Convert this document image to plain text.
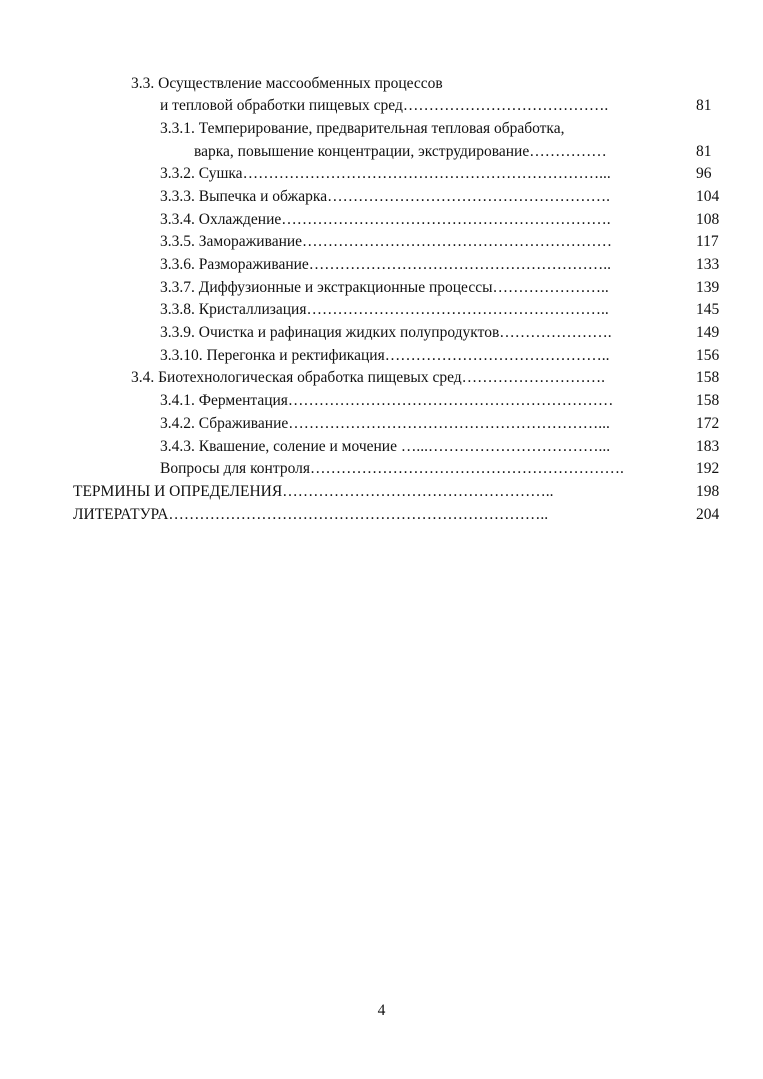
3.3. Осуществление массообменных процессов
и тепловой обработки пищевых сред………………………………….	81
3.3.1. Темперирование, предварительная тепловая обработка,
варка, повышение концентрации, экструдирование……………	81
3.3.2. Сушка……………………………………………………………...	96
3.3.3. Выпечка и обжарка……………………………………………….	104
3.3.4. Охлаждение……………………………………………………….	108
3.3.5. Замораживание……………………………………………………	117
3.3.6. Размораживание…………………………………………………..	133
3.3.7. Диффузионные и экстракционные процессы…………………..	139
3.3.8. Кристаллизация…………………………………………………..	145
3.3.9. Очистка и рафинация жидких полупродуктов………………….	149
3.3.10. Перегонка и ректификация……………………………………..	156
3.4. Биотехнологическая обработка пищевых сред……………………….	158
3.4.1. Ферментация………………………………………………………	158
3.4.2. Сбраживание……………………………………………………...	172
3.4.3. Квашение, соление и мочение …...……………………………...	183
Вопросы для контроля…………………………………………………….	192
ТЕРМИНЫ И ОПРЕДЕЛЕНИЯ……………………………………………..	198
ЛИТЕРАТУРА………………………………………………………………..	204
4
